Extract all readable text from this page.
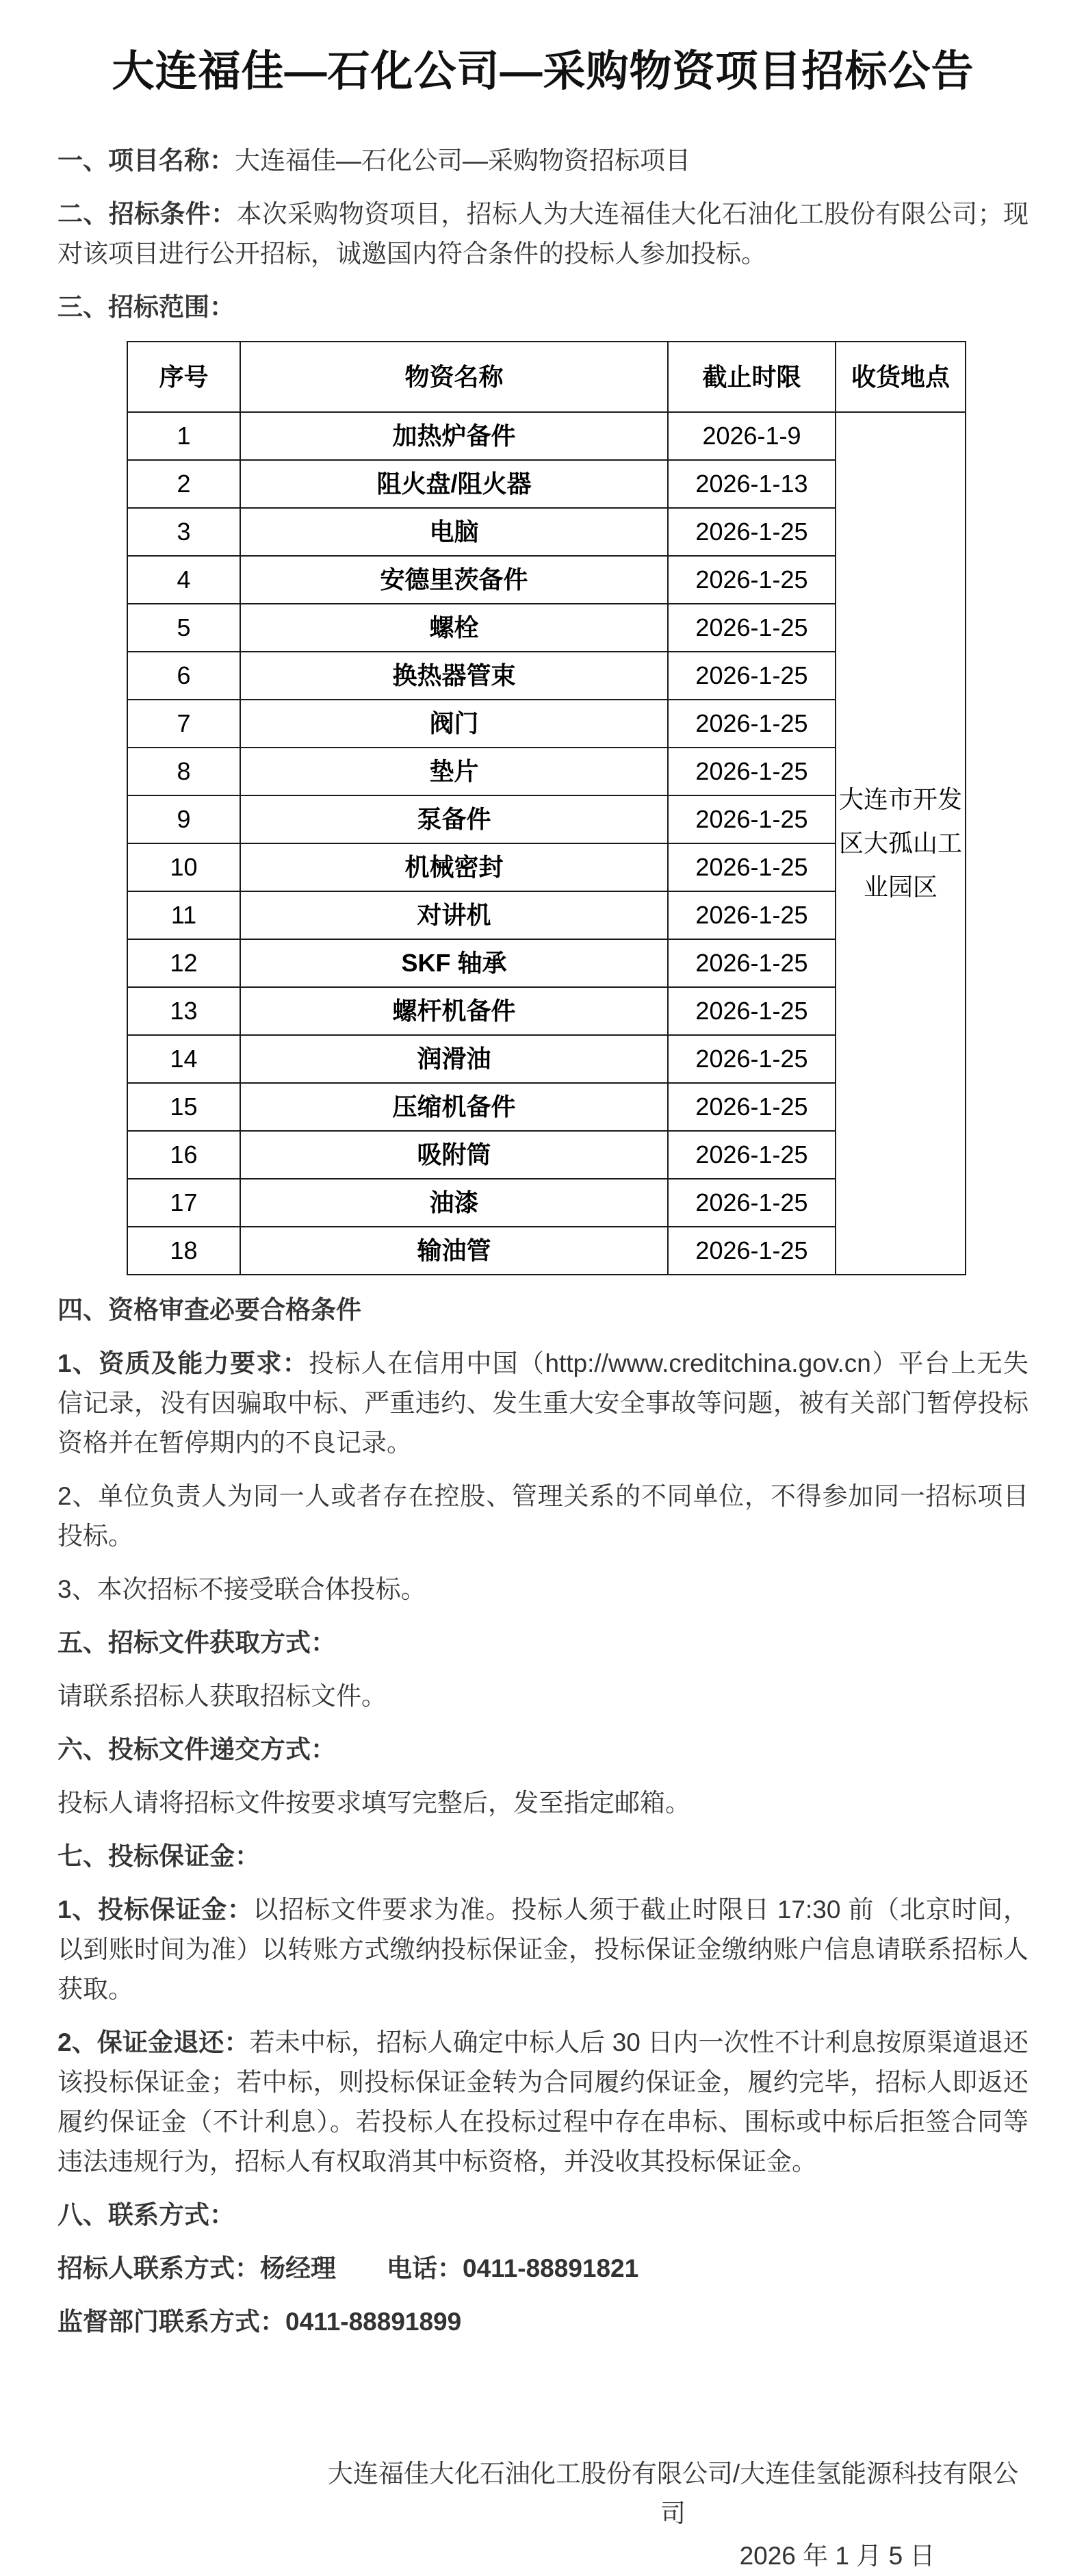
大连福佳—石化公司—采购物资项目招标公告

一、项目名称：大连福佳—石化公司—采购物资招标项目

二、招标条件：本次采购物资项目，招标人为大连福佳大化石油化工股份有限公司；现对该项目进行公开招标，诚邀国内符合条件的投标人参加投标。

三、招标范围：

序号	物资名称	截止时限	收货地点
1	加热炉备件	2026-1-9	大连市开发区大孤山工业园区
2	阻火盘/阻火器	2026-1-13	
3	电脑	2026-1-25	
4	安德里茨备件	2026-1-25	
5	螺栓	2026-1-25	
6	换热器管束	2026-1-25	
7	阀门	2026-1-25	
8	垫片	2026-1-25	
9	泵备件	2026-1-25	
10	机械密封	2026-1-25	
11	对讲机	2026-1-25	
12	SKF 轴承	2026-1-25	
13	螺杆机备件	2026-1-25	
14	润滑油	2026-1-25	
15	压缩机备件	2026-1-25	
16	吸附筒	2026-1-25	
17	油漆	2026-1-25	
18	输油管	2026-1-25	

四、资格审查必要合格条件

1、资质及能力要求：投标人在信用中国（http://www.creditchina.gov.cn）平台上无失信记录，没有因骗取中标、严重违约、发生重大安全事故等问题，被有关部门暂停投标资格并在暂停期内的不良记录。

2、单位负责人为同一人或者存在控股、管理关系的不同单位，不得参加同一招标项目投标。

3、本次招标不接受联合体投标。

五、招标文件获取方式：

请联系招标人获取招标文件。

六、投标文件递交方式：

投标人请将招标文件按要求填写完整后，发至指定邮箱。

七、投标保证金：

1、投标保证金：以招标文件要求为准。投标人须于截止时限日 17:30 前（北京时间，以到账时间为准）以转账方式缴纳投标保证金，投标保证金缴纳账户信息请联系招标人获取。

2、保证金退还：若未中标，招标人确定中标人后 30 日内一次性不计利息按原渠道退还该投标保证金；若中标，则投标保证金转为合同履约保证金，履约完毕，招标人即返还履约保证金（不计利息）。若投标人在投标过程中存在串标、围标或中标后拒签合同等违法违规行为，招标人有权取消其中标资格，并没收其投标保证金。

八、联系方式：

招标人联系方式：杨经理　　电话：0411-88891821

监督部门联系方式：0411-88891899

大连福佳大化石油化工股份有限公司/大连佳氢能源科技有限公司

2026 年 1 月 5 日
